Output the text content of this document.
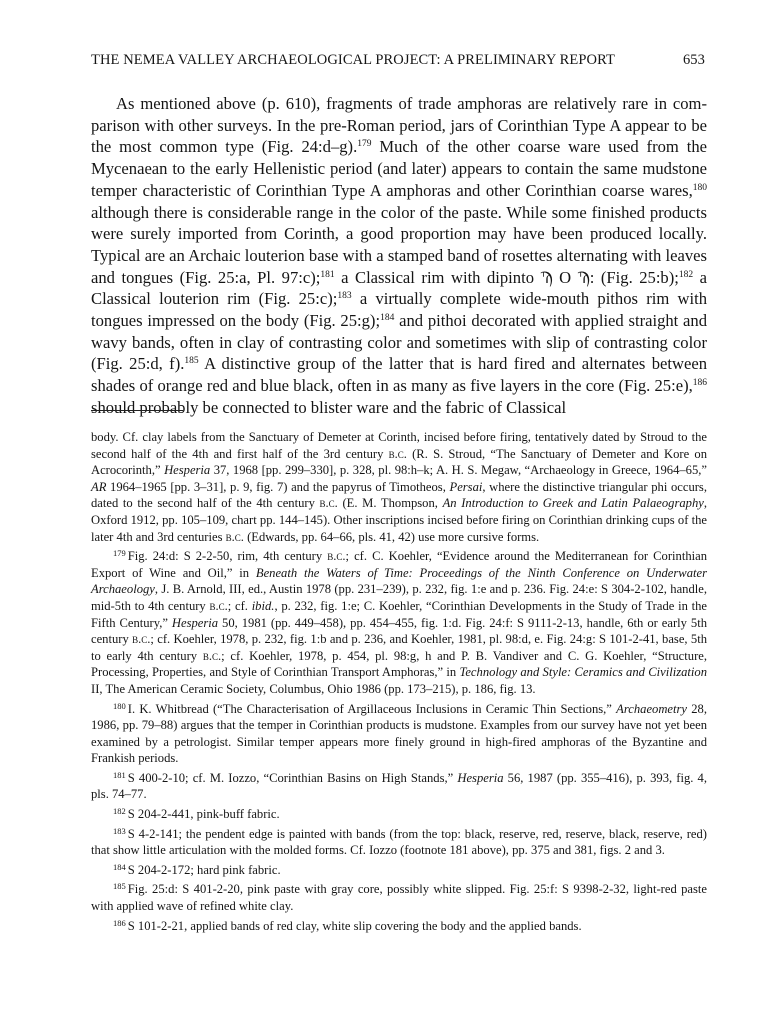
THE NEMEA VALLEY ARCHAEOLOGICAL PROJECT: A PRELIMINARY REPORT	653

As mentioned above (p. 610), fragments of trade amphoras are relatively rare in comparison with other surveys. In the pre-Roman period, jars of Corinthian Type A appear to be the most common type (Fig. 24:d–g).$^{179}$ Much of the other coarse ware used from the Mycenaean to the early Hellenistic period (and later) appears to contain the same mudstone temper characteristic of Corinthian Type A amphoras and other Corinthian coarse wares,$^{180}$ although there is considerable range in the color of the paste. While some finished products were surely imported from Corinth, a good proportion may have been produced locally. Typical are an Archaic louterion base with a stamped band of rosettes alternating with leaves and tongues (Fig. 25:a, Pl. 97:c);$^{181}$ a Classical rim with dipinto Ϡ O Ϡ: (Fig. 25:b);$^{182}$ a Classical louterion rim (Fig. 25:c);$^{183}$ a virtually complete wide-mouth pithos rim with tongues impressed on the body (Fig. 25:g);$^{184}$ and pithoi decorated with applied straight and wavy bands, often in clay of contrasting color and sometimes with slip of contrasting color (Fig. 25:d, f).$^{185}$ A distinctive group of the latter that is hard fired and alternates between shades of orange red and blue black, often in as many as five layers in the core (Fig. 25:e),$^{186}$ should probably be connected to blister ware and the fabric of Classical

body. Cf. clay labels from the Sanctuary of Demeter at Corinth, incised before firing, tentatively dated by Stroud to the second half of the 4th and first half of the 3rd century b.c. (R. S. Stroud, “The Sanctuary of Demeter and Kore on Acrocorinth,” Hesperia 37, 1968 [pp. 299–330], p. 328, pl. 98:h–k; A. H. S. Megaw, “Archaeology in Greece, 1964–65,” AR 1964–1965 [pp. 3–31], p. 9, fig. 7) and the papyrus of Timotheos, Persai, where the distinctive triangular phi occurs, dated to the second half of the 4th century b.c. (E. M. Thompson, An Introduction to Greek and Latin Palaeography, Oxford 1912, pp. 105–109, chart pp. 144–145). Other inscriptions incised before firing on Corinthian drinking cups of the later 4th and 3rd centuries b.c. (Edwards, pp. 64–66, pls. 41, 42) use more cursive forms.

$^{179}$ Fig. 24:d: S 2-2-50, rim, 4th century b.c.; cf. C. Koehler, “Evidence around the Mediterranean for Corinthian Export of Wine and Oil,” in Beneath the Waters of Time: Proceedings of the Ninth Conference on Underwater Archaeology, J. B. Arnold, III, ed., Austin 1978 (pp. 231–239), p. 232, fig. 1:e and p. 236. Fig. 24:e: S 304-2-102, handle, mid-5th to 4th century b.c.; cf. ibid., p. 232, fig. 1:e; C. Koehler, “Corinthian Developments in the Study of Trade in the Fifth Century,” Hesperia 50, 1981 (pp. 449–458), pp. 454–455, fig. 1:d. Fig. 24:f: S 9111-2-13, handle, 6th or early 5th century b.c.; cf. Koehler, 1978, p. 232, fig. 1:b and p. 236, and Koehler, 1981, pl. 98:d, e. Fig. 24:g: S 101-2-41, base, 5th to early 4th century b.c.; cf. Koehler, 1978, p. 454, pl. 98:g, h and P. B. Vandiver and C. G. Koehler, “Structure, Processing, Properties, and Style of Corinthian Transport Amphoras,” in Technology and Style: Ceramics and Civilization II, The American Ceramic Society, Columbus, Ohio 1986 (pp. 173–215), p. 186, fig. 13.

$^{180}$ I. K. Whitbread (“The Characterisation of Argillaceous Inclusions in Ceramic Thin Sections,” Archaeometry 28, 1986, pp. 79–88) argues that the temper in Corinthian products is mudstone. Examples from our survey have not yet been examined by a petrologist. Similar temper appears more finely ground in high-fired amphoras of the Byzantine and Frankish periods.

$^{181}$ S 400-2-10; cf. M. Iozzo, “Corinthian Basins on High Stands,” Hesperia 56, 1987 (pp. 355–416), p. 393, fig. 4, pls. 74–77.

$^{182}$ S 204-2-441, pink-buff fabric.

$^{183}$ S 4-2-141; the pendent edge is painted with bands (from the top: black, reserve, red, reserve, black, reserve, red) that show little articulation with the molded forms. Cf. Iozzo (footnote 181 above), pp. 375 and 381, figs. 2 and 3.

$^{184}$ S 204-2-172; hard pink fabric.

$^{185}$ Fig. 25:d: S 401-2-20, pink paste with gray core, possibly white slipped. Fig. 25:f: S 9398-2-32, light-red paste with applied wave of refined white clay.

$^{186}$ S 101-2-21, applied bands of red clay, white slip covering the body and the applied bands.
